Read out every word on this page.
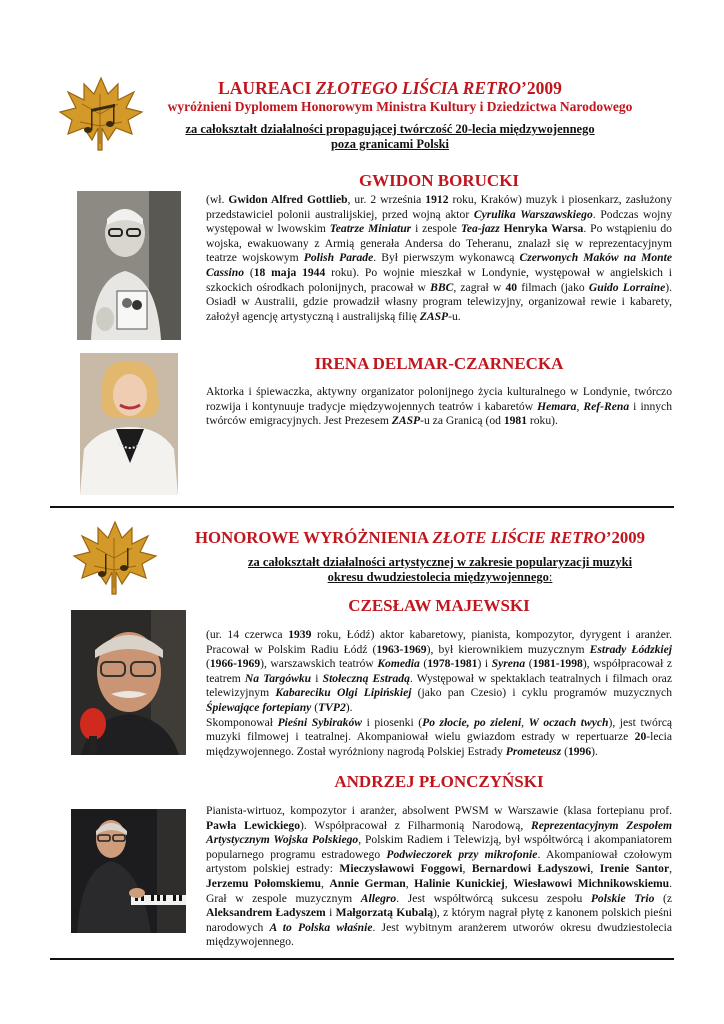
LAUREACI ZŁOTEGO LIŚCIA RETRO’2009
wyróżnieni Dyplomem Honorowym Ministra Kultury i Dziedzictwa Narodowego
za całokształt działalności propagującej twórczość 20-lecia międzywojennego
poza granicami Polski
GWIDON BORUCKI
(wł. Gwidon Alfred Gottlieb, ur. 2 września 1912 roku, Kraków) muzyk i piosenkarz, zasłużony przedstawiciel polonii australijskiej, przed wojną aktor Cyrulika Warszawskiego. Podczas wojny występował w lwowskim Teatrze Miniatur i zespole Tea-jazz Henryka Warsa. Po wstąpieniu do wojska, ewakuowany z Armią generała Andersa do Teheranu, znalazł się w reprezentacyjnym teatrze wojskowym Polish Parade. Był pierwszym wykonawcą Czerwonych Maków na Monte Cassino (18 maja 1944 roku). Po wojnie mieszkał w Londynie, występował w angielskich i szkockich ośrodkach polonijnych, pracował w BBC, zagrał w 40 filmach (jako Guido Lorraine). Osiadł w Australii, gdzie prowadził własny program telewizyjny, organizował rewie i kabarety, założył agencję artystyczną i australijską filię ZASP-u.
IRENA DELMAR-CZARNECKA
Aktorka i śpiewaczka, aktywny organizator polonijnego życia kulturalnego w Londynie, twórczo rozwija i kontynuuje tradycje międzywojennych teatrów i kabaretów Hemara, Ref-Rena i innych twórców emigracyjnych. Jest Prezesem ZASP-u za Granicą (od 1981 roku).
HONOROWE WYRÓŻNIENIA ZŁOTE LIŚCIE RETRO’2009
za całokształt działalności artystycznej w zakresie popularyzacji muzyki
okresu dwudziestolecia międzywojennego:
CZESŁAW MAJEWSKI
(ur. 14 czerwca 1939 roku, Łódź) aktor kabaretowy, pianista, kompozytor, dyrygent i aranżer. Pracował w Polskim Radiu Łódź (1963-1969), był kierownikiem muzycznym Estrady Łódzkiej (1966-1969), warszawskich teatrów Komedia (1978-1981) i Syrena (1981-1998), współpracował z teatrem Na Targówku i Stołeczną Estradą. Występował w spektaklach teatralnych i filmach oraz telewizyjnym Kabareciku Olgi Lipińskiej (jako pan Czesio) i cyklu programów muzycznych Śpiewające fortepiany (TVP2).
Skomponował Pieśni Sybiraków i piosenki (Po złocie, po zieleni, W oczach twych), jest twórcą muzyki filmowej i teatralnej. Akompaniował wielu gwiazdom estrady w repertuarze 20-lecia międzywojennego. Został wyróżniony nagrodą Polskiej Estrady Prometeusz (1996).
ANDRZEJ PŁONCZYŃSKI
Pianista-wirtuoz, kompozytor i aranżer, absolwent PWSM w Warszawie (klasa fortepianu prof. Pawła Lewickiego). Współpracował z Filharmonią Narodową, Reprezentacyjnym Zespołem Artystycznym Wojska Polskiego, Polskim Radiem i Telewizją, był współtwórcą i akompaniatorem popularnego programu estradowego Podwieczorek przy mikrofonie. Akompaniował czołowym artystom polskiej estrady: Mieczysławowi Foggowi, Bernardowi Ładyszowi, Irenie Santor, Jerzemu Połomskiemu, Annie German, Halinie Kunickiej, Wiesławowi Michnikowskiemu. Grał w zespole muzycznym Allegro. Jest współtwórcą sukcesu zespołu Polskie Trio (z Aleksandrem Ładyszem i Małgorzatą Kubalą), z którym nagrał płytę z kanonem polskich pieśni narodowych A to Polska właśnie. Jest wybitnym aranżerem utworów okresu dwudziestolecia międzywojennego.
